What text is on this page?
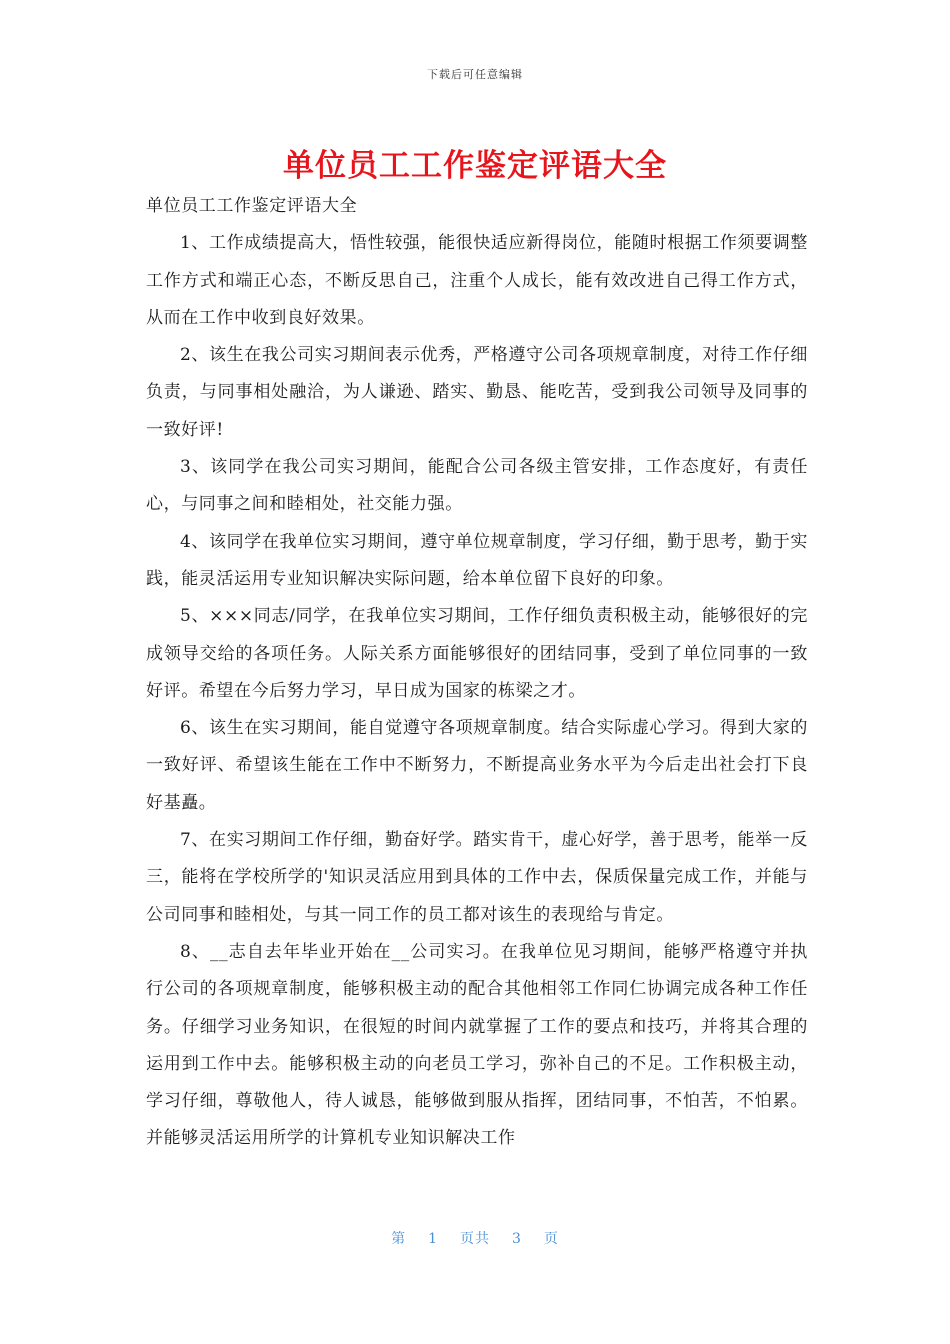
下载后可任意编辑
单位员工工作鉴定评语大全

单位员工工作鉴定评语大全

1、工作成绩提高大，悟性较强，能很快适应新得岗位，能随时根据工作须要调整工作方式和端正心态，不断反思自己，注重个人成长，能有效改进自己得工作方式，从而在工作中收到良好效果。

2、该生在我公司实习期间表示优秀，严格遵守公司各项规章制度，对待工作仔细负责，与同事相处融洽，为人谦逊、踏实、勤恳、能吃苦，受到我公司领导及同事的一致好评!

3、该同学在我公司实习期间，能配合公司各级主管安排，工作态度好，有责任心，与同事之间和睦相处，社交能力强。

4、该同学在我单位实习期间，遵守单位规章制度，学习仔细，勤于思考，勤于实践，能灵活运用专业知识解决实际问题，给本单位留下良好的印象。

5、×××同志/同学，在我单位实习期间，工作仔细负责积极主动，能够很好的完成领导交给的各项任务。人际关系方面能够很好的团结同事，受到了单位同事的一致好评。希望在今后努力学习，早日成为国家的栋梁之才。

6、该生在实习期间，能自觉遵守各项规章制度。结合实际虚心学习。得到大家的一致好评、希望该生能在工作中不断努力，不断提高业务水平为今后走出社会打下良好基矗。

7、在实习期间工作仔细，勤奋好学。踏实肯干，虚心好学，善于思考，能举一反三，能将在学校所学的'知识灵活应用到具体的工作中去，保质保量完成工作，并能与公司同事和睦相处，与其一同工作的员工都对该生的表现给与肯定。

8、__志自去年毕业开始在__公司实习。在我单位见习期间，能够严格遵守并执行公司的各项规章制度，能够积极主动的配合其他相邻工作同仁协调完成各种工作任务。仔细学习业务知识，在很短的时间内就掌握了工作的要点和技巧，并将其合理的运用到工作中去。能够积极主动的向老员工学习，弥补自己的不足。工作积极主动，学习仔细，尊敬他人，待人诚恳，能够做到服从指挥，团结同事，不怕苦，不怕累。并能够灵活运用所学的计算机专业知识解决工作

第 1 页共 3 页
